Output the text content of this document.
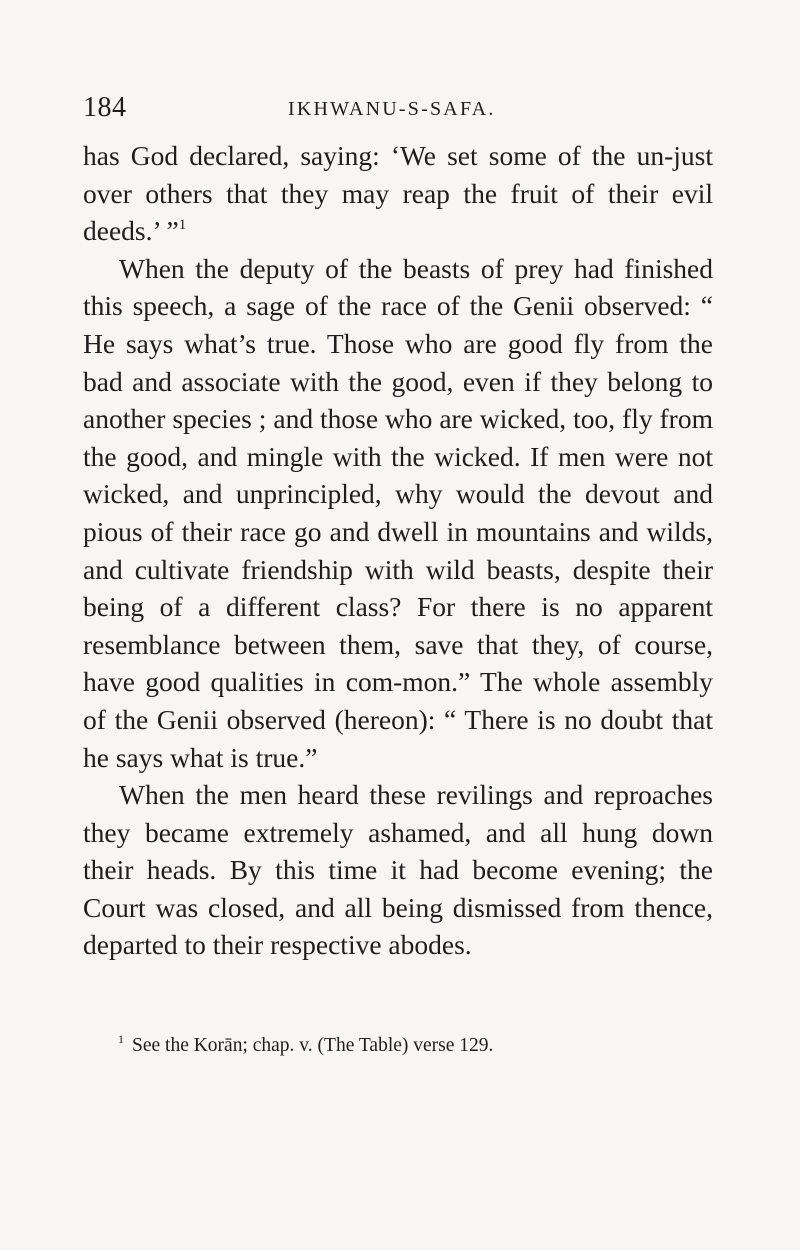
184	IKHWANU-S-SAFA.

has God declared, saying: ‘We set some of the un-just over others that they may reap the fruit of their evil deeds.’ ”$^1$

When the deputy of the beasts of prey had finished this speech, a sage of the race of the Genii observed: “ He says what’s true. Those who are good fly from the bad and associate with the good, even if they belong to another species ; and those who are wicked, too, fly from the good, and mingle with the wicked. If men were not wicked, and unprincipled, why would the devout and pious of their race go and dwell in mountains and wilds, and cultivate friendship with wild beasts, despite their being of a different class? For there is no apparent resemblance between them, save that they, of course, have good qualities in com-mon.” The whole assembly of the Genii observed (hereon): “ There is no doubt that he says what is true.”

When the men heard these revilings and reproaches they became extremely ashamed, and all hung down their heads. By this time it had become evening; the Court was closed, and all being dismissed from thence, departed to their respective abodes.

$^1$ See the Korān; chap. v. (The Table) verse 129.
